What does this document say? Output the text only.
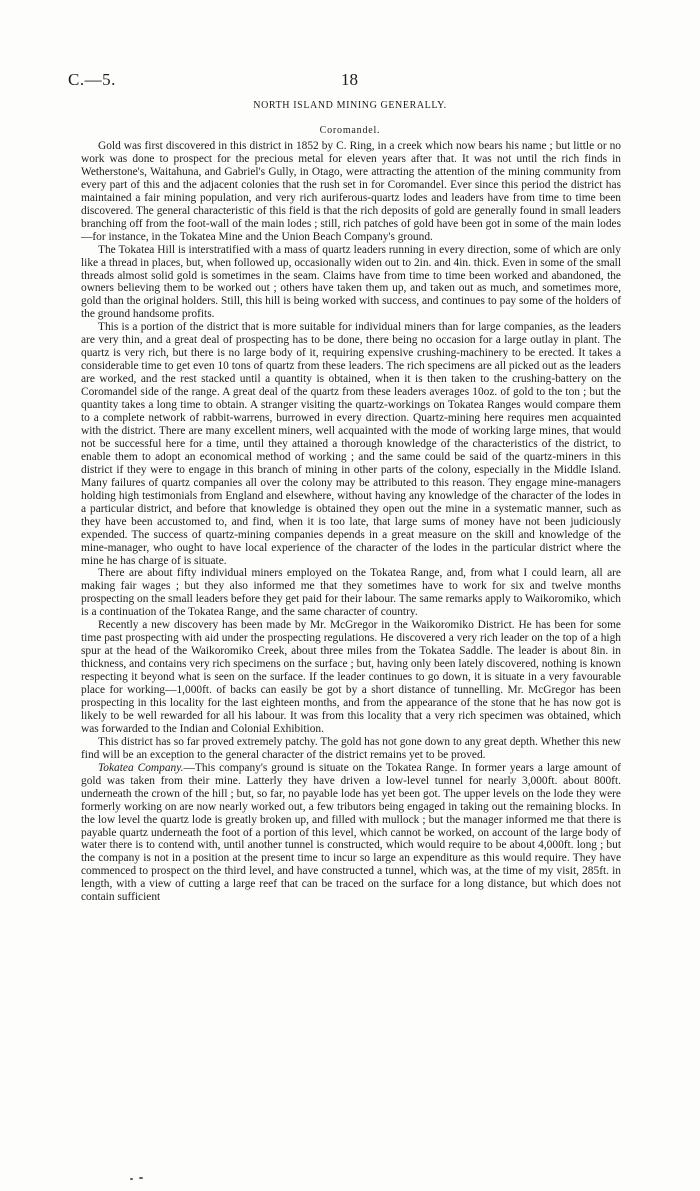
C.—5.	18
NORTH ISLAND MINING GENERALLY.
Coromandel.

Gold was first discovered in this district in 1852 by C. Ring, in a creek which now bears his name ; but little or no work was done to prospect for the precious metal for eleven years after that. It was not until the rich finds in Wetherstone's, Waitahuna, and Gabriel's Gully, in Otago, were attracting the attention of the mining community from every part of this and the adjacent colonies that the rush set in for Coromandel. Ever since this period the district has maintained a fair mining population, and very rich auriferous-quartz lodes and leaders have from time to time been discovered. The general characteristic of this field is that the rich deposits of gold are generally found in small leaders branching off from the foot-wall of the main lodes ; still, rich patches of gold have been got in some of the main lodes—for instance, in the Tokatea Mine and the Union Beach Company's ground.

The Tokatea Hill is interstratified with a mass of quartz leaders running in every direction, some of which are only like a thread in places, but, when followed up, occasionally widen out to 2in. and 4in. thick. Even in some of the small threads almost solid gold is sometimes in the seam. Claims have from time to time been worked and abandoned, the owners believing them to be worked out ; others have taken them up, and taken out as much, and sometimes more, gold than the original holders. Still, this hill is being worked with success, and continues to pay some of the holders of the ground handsome profits.

This is a portion of the district that is more suitable for individual miners than for large companies, as the leaders are very thin, and a great deal of prospecting has to be done, there being no occasion for a large outlay in plant. The quartz is very rich, but there is no large body of it, requiring expensive crushing-machinery to be erected. It takes a considerable time to get even 10 tons of quartz from these leaders. The rich specimens are all picked out as the leaders are worked, and the rest stacked until a quantity is obtained, when it is then taken to the crushing-battery on the Coromandel side of the range. A great deal of the quartz from these leaders averages 10oz. of gold to the ton ; but the quantity takes a long time to obtain. A stranger visiting the quartz-workings on Tokatea Ranges would compare them to a complete network of rabbit-warrens, burrowed in every direction. Quartz-mining here requires men acquainted with the district. There are many excellent miners, well acquainted with the mode of working large mines, that would not be successful here for a time, until they attained a thorough knowledge of the characteristics of the district, to enable them to adopt an economical method of working ; and the same could be said of the quartz-miners in this district if they were to engage in this branch of mining in other parts of the colony, especially in the Middle Island. Many failures of quartz companies all over the colony may be attributed to this reason. They engage mine-managers holding high testimonials from England and elsewhere, without having any knowledge of the character of the lodes in a particular district, and before that knowledge is obtained they open out the mine in a systematic manner, such as they have been accustomed to, and find, when it is too late, that large sums of money have not been judiciously expended. The success of quartz-mining companies depends in a great measure on the skill and knowledge of the mine-manager, who ought to have local experience of the character of the lodes in the particular district where the mine he has charge of is situate.

There are about fifty individual miners employed on the Tokatea Range, and, from what I could learn, all are making fair wages ; but they also informed me that they sometimes have to work for six and twelve months prospecting on the small leaders before they get paid for their labour. The same remarks apply to Waikoromiko, which is a continuation of the Tokatea Range, and the same character of country.

Recently a new discovery has been made by Mr. McGregor in the Waikoromiko District. He has been for some time past prospecting with aid under the prospecting regulations. He discovered a very rich leader on the top of a high spur at the head of the Waikoromiko Creek, about three miles from the Tokatea Saddle. The leader is about 8in. in thickness, and contains very rich specimens on the surface ; but, having only been lately discovered, nothing is known respecting it beyond what is seen on the surface. If the leader continues to go down, it is situate in a very favourable place for working—1,000ft. of backs can easily be got by a short distance of tunnelling. Mr. McGregor has been prospecting in this locality for the last eighteen months, and from the appearance of the stone that he has now got is likely to be well rewarded for all his labour. It was from this locality that a very rich specimen was obtained, which was forwarded to the Indian and Colonial Exhibition.

This district has so far proved extremely patchy. The gold has not gone down to any great depth. Whether this new find will be an exception to the general character of the district remains yet to be proved.

Tokatea Company.—This company's ground is situate on the Tokatea Range. In former years a large amount of gold was taken from their mine. Latterly they have driven a low-level tunnel for nearly 3,000ft. about 800ft. underneath the crown of the hill ; but, so far, no payable lode has yet been got. The upper levels on the lode they were formerly working on are now nearly worked out, a few tributors being engaged in taking out the remaining blocks. In the low level the quartz lode is greatly broken up, and filled with mullock ; but the manager informed me that there is payable quartz underneath the foot of a portion of this level, which cannot be worked, on account of the large body of water there is to contend with, until another tunnel is constructed, which would require to be about 4,000ft. long ; but the company is not in a position at the present time to incur so large an expenditure as this would require. They have commenced to prospect on the third level, and have constructed a tunnel, which was, at the time of my visit, 285ft. in length, with a view of cutting a large reef that can be traced on the surface for a long distance, but which does not contain sufficient
